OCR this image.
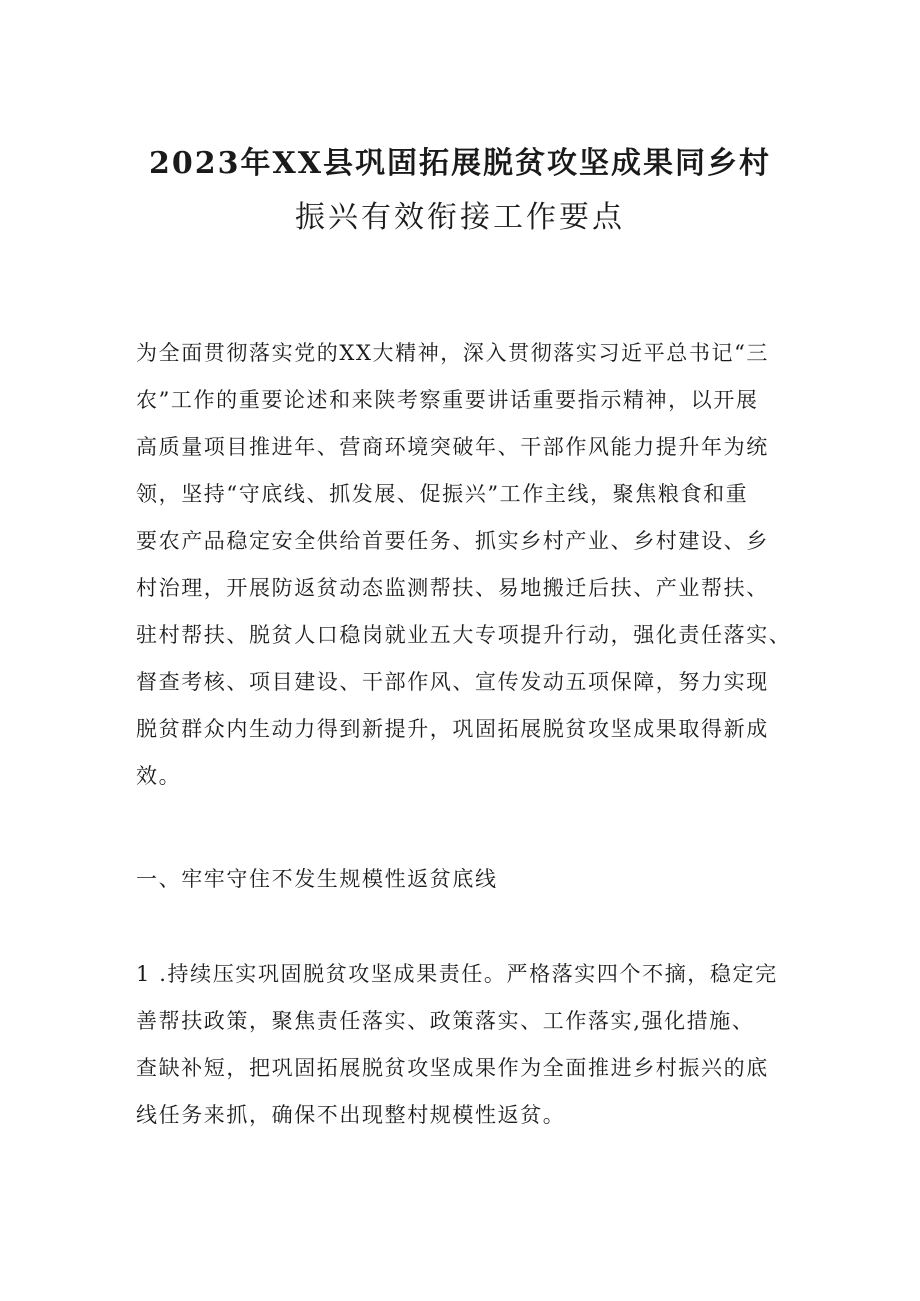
2023年XX县巩固拓展脱贫攻坚成果同乡村
振兴有效衔接工作要点
为全面贯彻落实党的XX大精神，深入贯彻落实习近平总书记“三
农”工作的重要论述和来陕考察重要讲话重要指示精神，以开展
高质量项目推进年、营商环境突破年、干部作风能力提升年为统
领，坚持“守底线、抓发展、促振兴”工作主线，聚焦粮食和重
要农产品稳定安全供给首要任务、抓实乡村产业、乡村建设、乡
村治理，开展防返贫动态监测帮扶、易地搬迁后扶、产业帮扶、
驻村帮扶、脱贫人口稳岗就业五大专项提升行动，强化责任落实、
督查考核、项目建设、干部作风、宣传发动五项保障，努力实现
脱贫群众内生动力得到新提升，巩固拓展脱贫攻坚成果取得新成
效。
一、牢牢守住不发生规模性返贫底线
1 .持续压实巩固脱贫攻坚成果责任。严格落实四个不摘，稳定完
善帮扶政策，聚焦责任落实、政策落实、工作落实,强化措施、
查缺补短，把巩固拓展脱贫攻坚成果作为全面推进乡村振兴的底
线任务来抓，确保不出现整村规模性返贫。
